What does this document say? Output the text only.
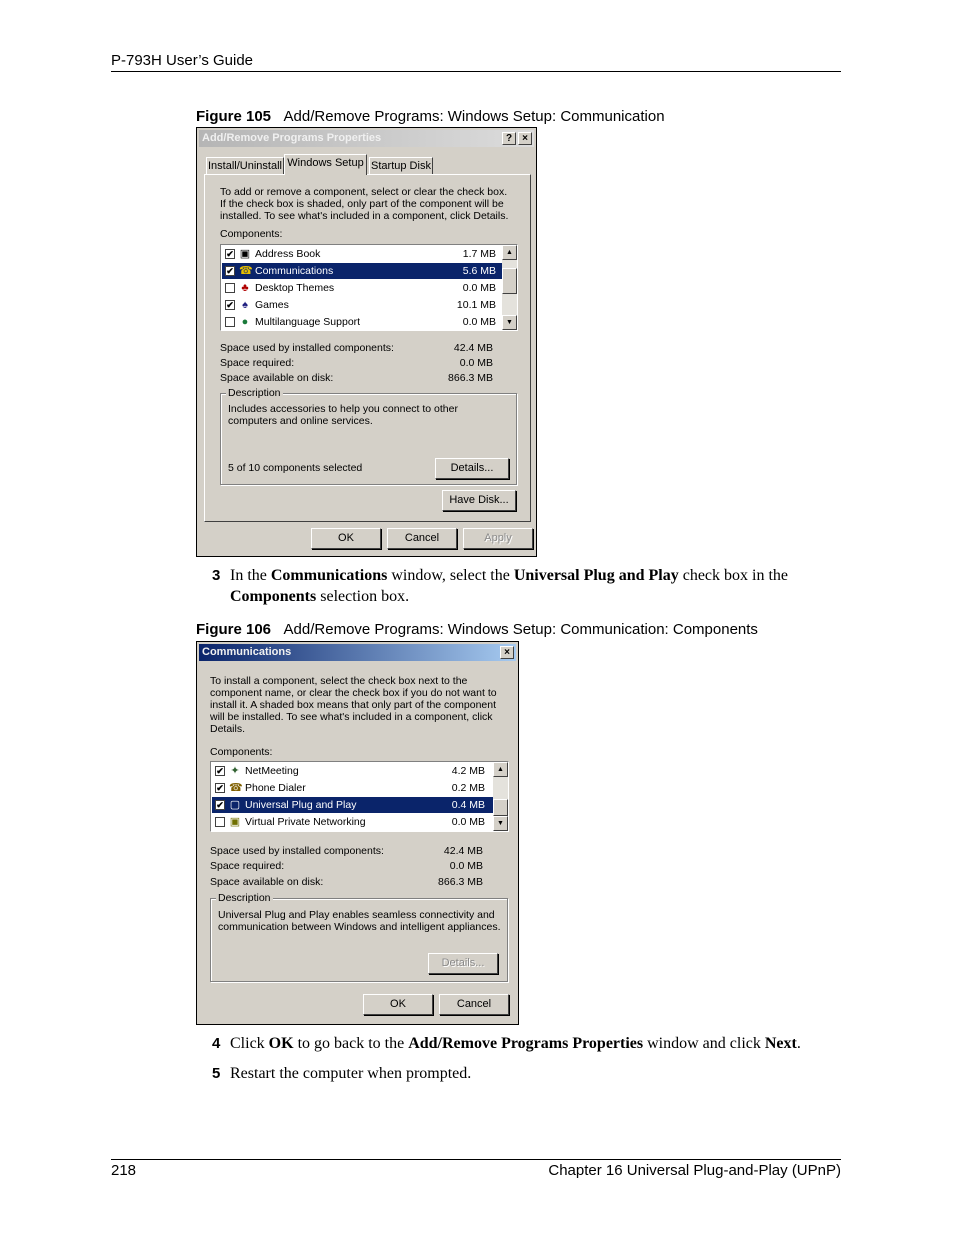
P-793H User’s Guide
Figure 105 Add/Remove Programs: Windows Setup: Communication
Add/Remove Programs Properties	?	×
Install/Uninstall Windows Setup Startup Disk
To add or remove a component, select or clear the check box. If the check box is shaded, only part of the component will be installed. To see what's included in a component, click Details.
Components:
✔ ▣ Address Book	1.7 MB
✔ ☎ Communications	5.6 MB
♣ Desktop Themes	0.0 MB
✔ ♠ Games	10.1 MB
● Multilanguage Support	0.0 MB
▲
▼
Space used by installed components:	42.4 MB
Space required:	0.0 MB
Space available on disk:	866.3 MB
Description
Includes accessories to help you connect to other computers and online services.
5 of 10 components selected	Details...
Have Disk...
OK	Cancel	Apply
3 In the Communications window, select the Universal Plug and Play check box in the Components selection box.
Figure 106 Add/Remove Programs: Windows Setup: Communication: Components
Communications	×
To install a component, select the check box next to the component name, or clear the check box if you do not want to install it. A shaded box means that only part of the component will be installed. To see what's included in a component, click Details.
Components:
✔ ✦ NetMeeting	4.2 MB
✔ ☎ Phone Dialer	0.2 MB
✔ ▢ Universal Plug and Play	0.4 MB
▣ Virtual Private Networking	0.0 MB
▲
▼
Space used by installed components:	42.4 MB
Space required:	0.0 MB
Space available on disk:	866.3 MB
Description
Universal Plug and Play enables seamless connectivity and communication between Windows and intelligent appliances.
Details...
OK	Cancel
4 Click OK to go back to the Add/Remove Programs Properties window and click Next.
5 Restart the computer when prompted.
218	Chapter 16 Universal Plug-and-Play (UPnP)
